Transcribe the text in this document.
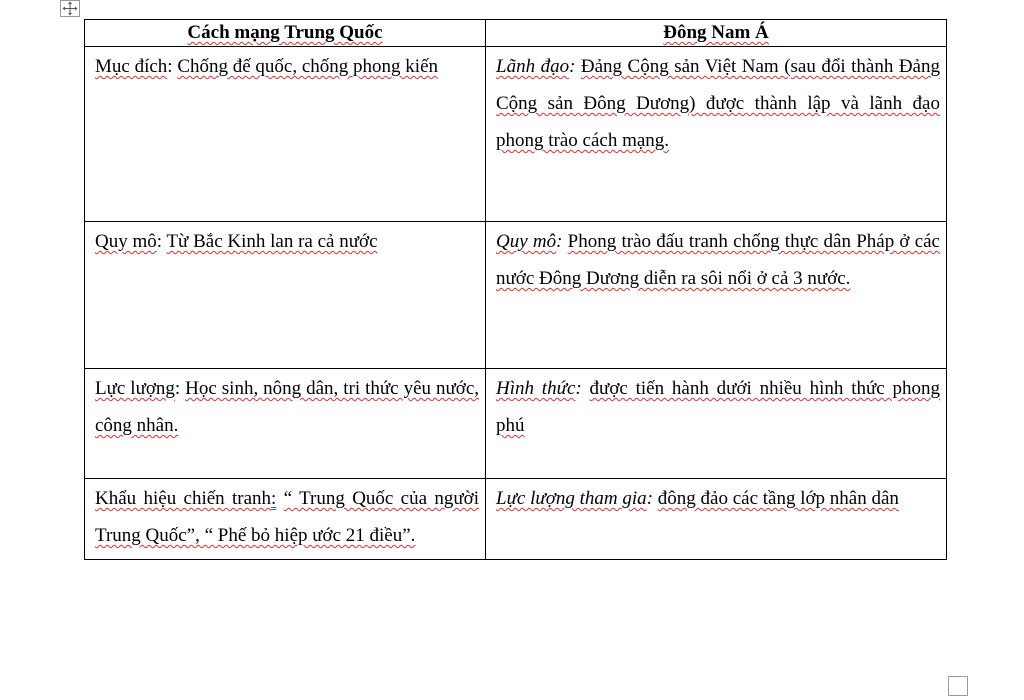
Cách mạng Trung Quốc	Đông Nam Á
Mục đích: Chống đế quốc, chống phong kiến	Lãnh đạo: Đảng Cộng sản Việt Nam (sau đổi thành Đảng Cộng sản Đông Dương) được thành lập và lãnh đạo phong trào cách mạng.
Quy mô: Từ Bắc Kinh lan ra cả nước	Quy mô: Phong trào đấu tranh chống thực dân Pháp ở các nước Đông Dương diễn ra sôi nổi ở cả 3 nước.
Lực lượng: Học sinh, nông dân, tri thức yêu nước, công nhân.	Hình thức: được tiến hành dưới nhiều hình thức phong phú
Khẩu hiệu chiến tranh: “ Trung Quốc của người Trung Quốc”, “ Phế bỏ hiệp ước 21 điều”.	Lực lượng tham gia: đông đảo các tầng lớp nhân dân
